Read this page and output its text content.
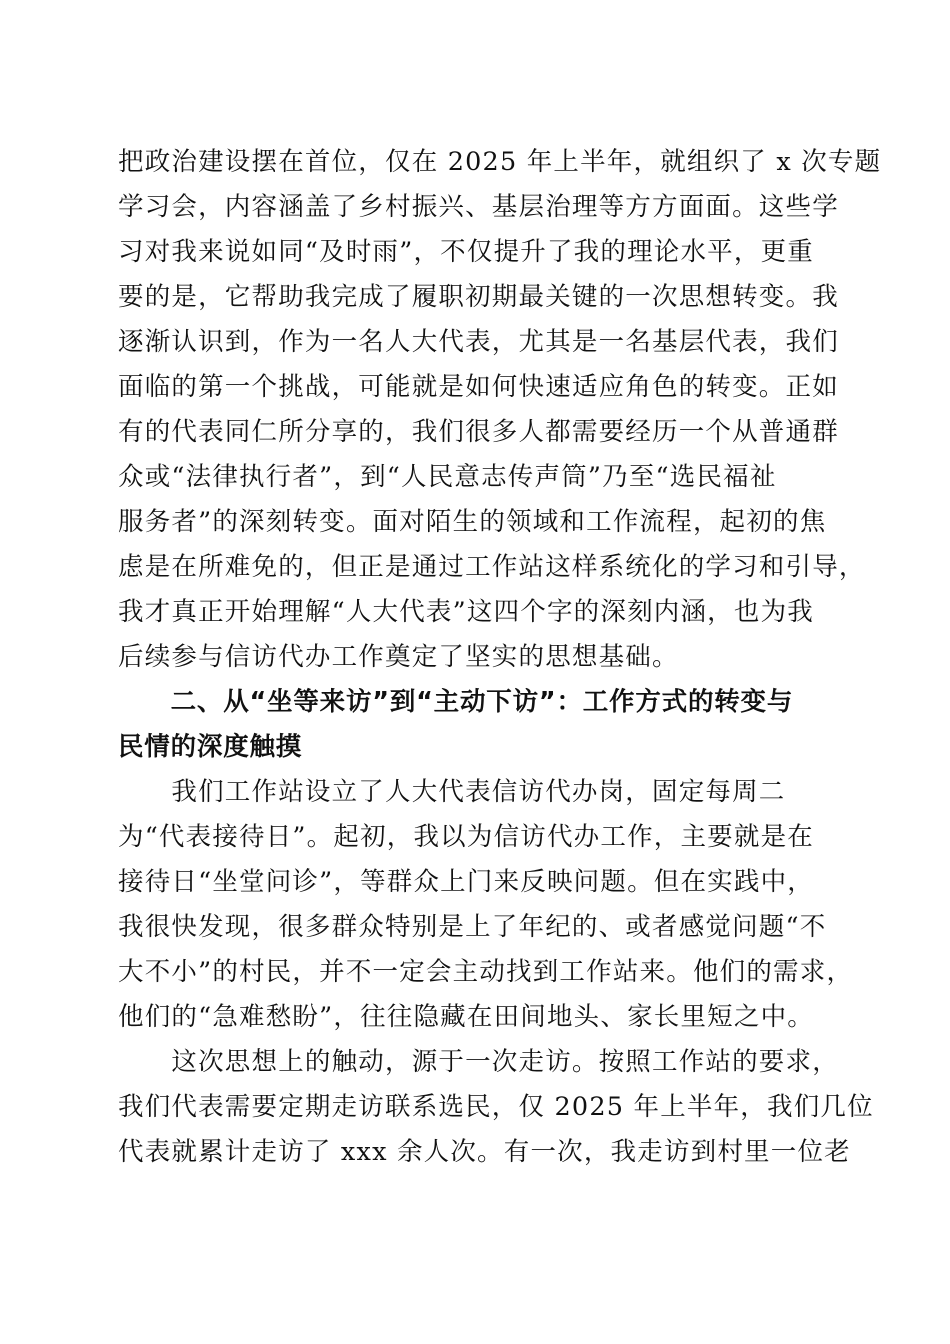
把政治建设摆在首位，仅在 2025 年上半年，就组织了 x 次专题
学习会，内容涵盖了乡村振兴、基层治理等方方面面。这些学
习对我来说如同“及时雨”，不仅提升了我的理论水平，更重
要的是，它帮助我完成了履职初期最关键的一次思想转变。我
逐渐认识到，作为一名人大代表，尤其是一名基层代表，我们
面临的第一个挑战，可能就是如何快速适应角色的转变。正如
有的代表同仁所分享的，我们很多人都需要经历一个从普通群
众或“法律执行者”，到“人民意志传声筒”乃至“选民福祉
服务者”的深刻转变。面对陌生的领域和工作流程，起初的焦
虑是在所难免的，但正是通过工作站这样系统化的学习和引导，
我才真正开始理解“人大代表”这四个字的深刻内涵，也为我
后续参与信访代办工作奠定了坚实的思想基础。
　　二、从“坐等来访”到“主动下访”：工作方式的转变与
民情的深度触摸
　　我们工作站设立了人大代表信访代办岗，固定每周二
为“代表接待日”。起初，我以为信访代办工作，主要就是在
接待日“坐堂问诊”，等群众上门来反映问题。但在实践中，
我很快发现，很多群众特别是上了年纪的、或者感觉问题“不
大不小”的村民，并不一定会主动找到工作站来。他们的需求，
他们的“急难愁盼”，往往隐藏在田间地头、家长里短之中。
　　这次思想上的触动，源于一次走访。按照工作站的要求，
我们代表需要定期走访联系选民，仅 2025 年上半年，我们几位
代表就累计走访了 xxx 余人次。有一次，我走访到村里一位老
